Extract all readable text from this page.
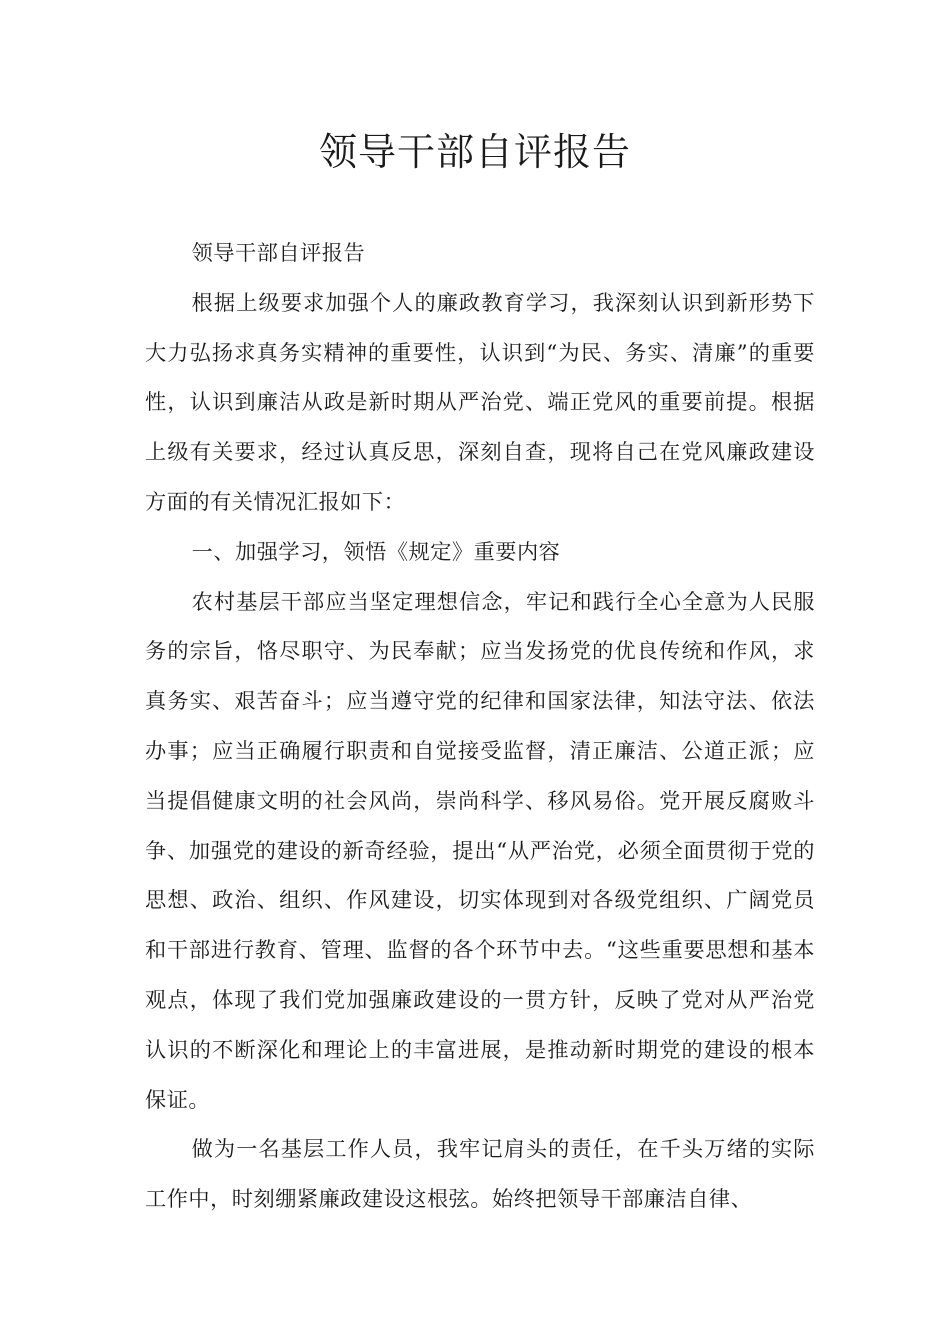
领导干部自评报告

领导干部自评报告

根据上级要求加强个人的廉政教育学习，我深刻认识到新形势下大力弘扬求真务实精神的重要性，认识到“为民、务实、清廉”的重要性，认识到廉洁从政是新时期从严治党、端正党风的重要前提。根据上级有关要求，经过认真反思，深刻自查，现将自己在党风廉政建设方面的有关情况汇报如下：

一、加强学习，领悟《规定》重要内容

农村基层干部应当坚定理想信念，牢记和践行全心全意为人民服务的宗旨，恪尽职守、为民奉献；应当发扬党的优良传统和作风，求真务实、艰苦奋斗；应当遵守党的纪律和国家法律，知法守法、依法办事；应当正确履行职责和自觉接受监督，清正廉洁、公道正派；应当提倡健康文明的社会风尚，崇尚科学、移风易俗。党开展反腐败斗争、加强党的建设的新奇经验，提出“从严治党，必须全面贯彻于党的思想、政治、组织、作风建设，切实体现到对各级党组织、广阔党员和干部进行教育、管理、监督的各个环节中去。“这些重要思想和基本观点，体现了我们党加强廉政建设的一贯方针，反映了党对从严治党认识的不断深化和理论上的丰富进展，是推动新时期党的建设的根本保证。

做为一名基层工作人员，我牢记肩头的责任，在千头万绪的实际工作中，时刻绷紧廉政建设这根弦。始终把领导干部廉洁自律、
